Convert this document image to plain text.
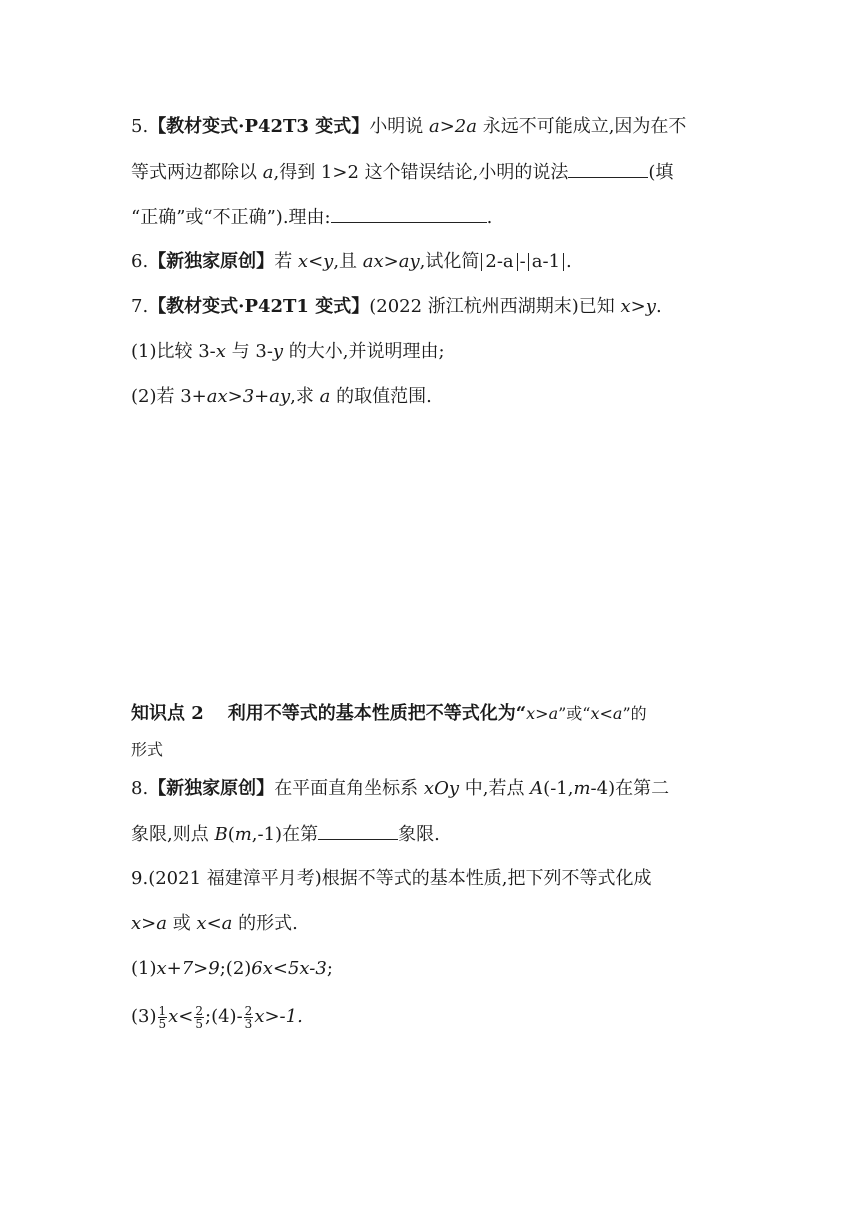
5.【教材变式·P42T3 变式】小明说 a>2a 永远不可能成立,因为在不
等式两边都除以 a,得到 1>2 这个错误结论,小明的说法	(填
“正确”或“不正确”).理由:	.
6.【新独家原创】若 x<y,且 ax>ay,试化简 2-a - a-1 .
7.【教材变式·P42T1 变式】(2022 浙江杭州西湖期末)已知 x>y.
(1)比较 3-x 与 3-y 的大小,并说明理由;
(2)若 3+ax>3+ay,求 a 的取值范围.
知识点 2 利用不等式的基本性质把不等式化为“x>a”或“x<a”的
形式
8.【新独家原创】在平面直角坐标系 xOy 中,若点 A(-1,m-4)在第二
象限,则点 B(m,-1)在第	象限.
9.(2021 福建漳平月考)根据不等式的基本性质,把下列不等式化成
x>a 或 x<a 的形式.
(1)x+7>9;(2)6x<5x-3;
$(3) \frac{1}{5} x< \frac{2}{5}$ ;(4)- $\frac{2}{3} x>-1$.
